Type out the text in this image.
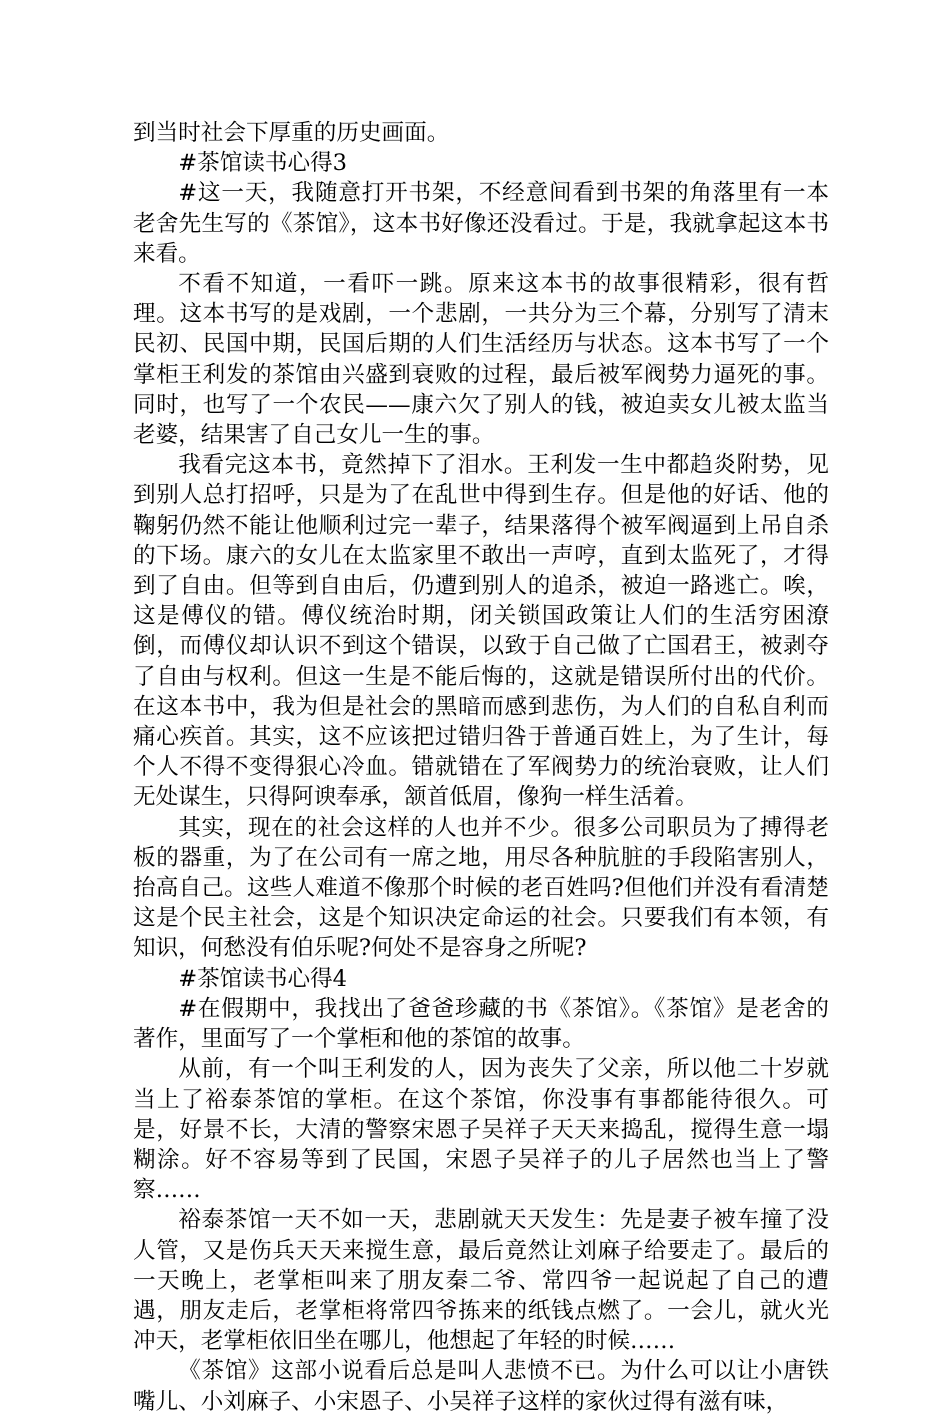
到当时社会下厚重的历史画面。

#茶馆读书心得3

#这一天，我随意打开书架，不经意间看到书架的角落里有一本老舍先生写的《茶馆》，这本书好像还没看过。于是，我就拿起这本书来看。

不看不知道，一看吓一跳。原来这本书的故事很精彩，很有哲理。这本书写的是戏剧，一个悲剧，一共分为三个幕，分别写了清末民初、民国中期，民国后期的人们生活经历与状态。这本书写了一个掌柜王利发的茶馆由兴盛到衰败的过程，最后被军阀势力逼死的事。同时，也写了一个农民——康六欠了别人的钱，被迫卖女儿被太监当老婆，结果害了自己女儿一生的事。

我看完这本书，竟然掉下了泪水。王利发一生中都趋炎附势，见到别人总打招呼，只是为了在乱世中得到生存。但是他的好话、他的鞠躬仍然不能让他顺利过完一辈子，结果落得个被军阀逼到上吊自杀的下场。康六的女儿在太监家里不敢出一声哼，直到太监死了，才得到了自由。但等到自由后，仍遭到别人的追杀，被迫一路逃亡。唉，这是傅仪的错。傅仪统治时期，闭关锁国政策让人们的生活穷困潦倒，而傅仪却认识不到这个错误，以致于自己做了亡国君王，被剥夺了自由与权利。但这一生是不能后悔的，这就是错误所付出的代价。在这本书中，我为但是社会的黑暗而感到悲伤，为人们的自私自利而痛心疾首。其实，这不应该把过错归咎于普通百姓上，为了生计，每个人不得不变得狠心冷血。错就错在了军阀势力的统治衰败，让人们无处谋生，只得阿谀奉承，颔首低眉，像狗一样生活着。

其实，现在的社会这样的人也并不少。很多公司职员为了搏得老板的器重，为了在公司有一席之地，用尽各种肮脏的手段陷害别人，抬高自己。这些人难道不像那个时候的老百姓吗?但他们并没有看清楚这是个民主社会，这是个知识决定命运的社会。只要我们有本领，有知识，何愁没有伯乐呢?何处不是容身之所呢?

#茶馆读书心得4

#在假期中，我找出了爸爸珍藏的书《茶馆》。《茶馆》是老舍的著作，里面写了一个掌柜和他的茶馆的故事。

从前，有一个叫王利发的人，因为丧失了父亲，所以他二十岁就当上了裕泰茶馆的掌柜。在这个茶馆，你没事有事都能待很久。可是，好景不长，大清的警察宋恩子吴祥子天天来捣乱，搅得生意一塌糊涂。好不容易等到了民国，宋恩子吴祥子的儿子居然也当上了警察……

裕泰茶馆一天不如一天，悲剧就天天发生：先是妻子被车撞了没人管，又是伤兵天天来搅生意，最后竟然让刘麻子给要走了。最后的一天晚上，老掌柜叫来了朋友秦二爷、常四爷一起说起了自己的遭遇，朋友走后，老掌柜将常四爷拣来的纸钱点燃了。一会儿，就火光冲天，老掌柜依旧坐在哪儿，他想起了年轻的时候……

《茶馆》这部小说看后总是叫人悲愤不已。为什么可以让小唐铁嘴儿、小刘麻子、小宋恩子、小吴祥子这样的家伙过得有滋有味，
